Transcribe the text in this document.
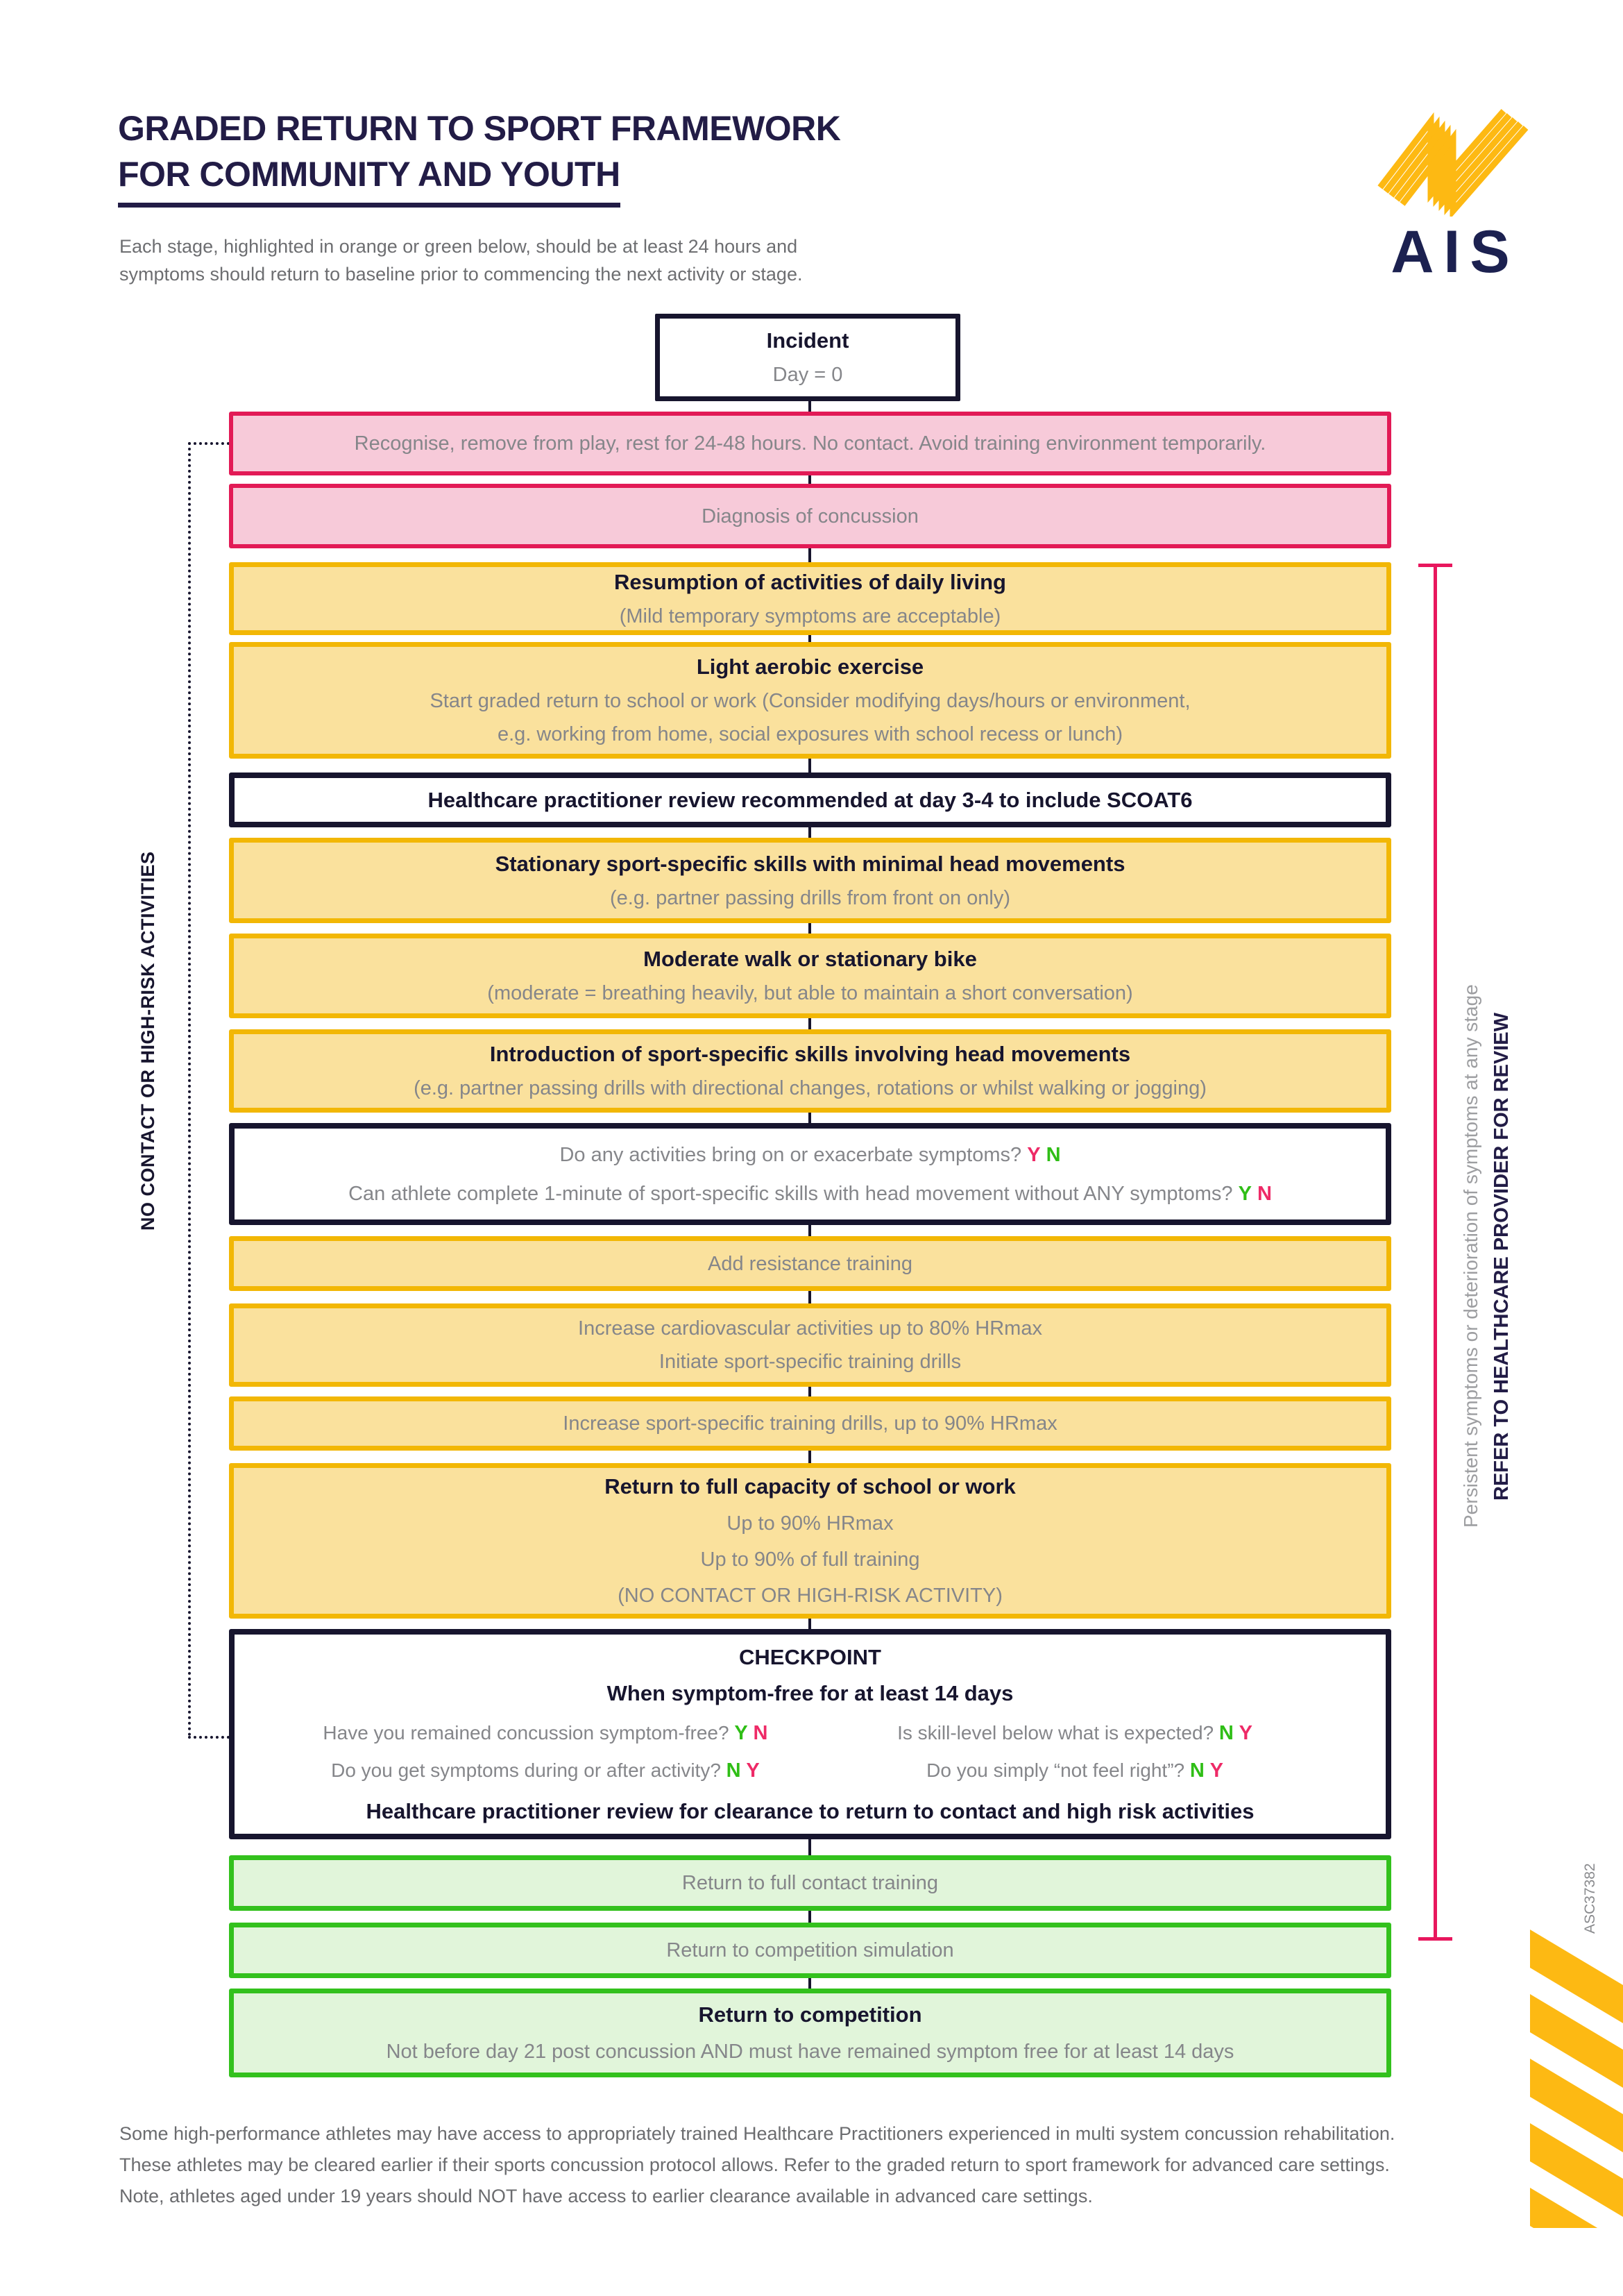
GRADED RETURN TO SPORT FRAMEWORK
FOR COMMUNITY AND YOUTH
Each stage, highlighted in orange or green below, should be at least 24 hours and
symptoms should return to baseline prior to commencing the next activity or stage.	AIS
Incident
Day = 0
Recognise, remove from play, rest for 24-48 hours. No contact. Avoid training environment temporarily.
Diagnosis of concussion
Resumption of activities of daily living
(Mild temporary symptoms are acceptable)
Light aerobic exercise
Start graded return to school or work (Consider modifying days/hours or environment,
e.g. working from home, social exposures with school recess or lunch)
Healthcare practitioner review recommended at day 3-4 to include SCOAT6
Stationary sport-specific skills with minimal head movements
(e.g. partner passing drills from front on only)
Moderate walk or stationary bike
(moderate = breathing heavily, but able to maintain a short conversation)
Introduction of sport-specific skills involving head movements
(e.g. partner passing drills with directional changes, rotations or whilst walking or jogging)
Do any activities bring on or exacerbate symptoms? Y N
Can athlete complete 1-minute of sport-specific skills with head movement without ANY symptoms? Y N
Add resistance training
Increase cardiovascular activities up to 80% HRmax
Initiate sport-specific training drills
Increase sport-specific training drills, up to 90% HRmax
Return to full capacity of school or work
Up to 90% HRmax
Up to 90% of full training
(NO CONTACT OR HIGH-RISK ACTIVITY)
CHECKPOINT
When symptom-free for at least 14 days
Have you remained concussion symptom-free? Y N	Is skill-level below what is expected? N Y
Do you get symptoms during or after activity? N Y	Do you simply “not feel right”? N Y
Healthcare practitioner review for clearance to return to contact and high risk activities
Return to full contact training
Return to competition simulation
Return to competition
Not before day 21 post concussion AND must have remained symptom free for at least 14 days
NO CONTACT OR HIGH-RISK ACTIVITIES	Persistent symptoms or deterioration of symptoms at any stage REFER TO HEALTHCARE PROVIDER FOR REVIEW
ASC37382
Some high-performance athletes may have access to appropriately trained Healthcare Practitioners experienced in multi system concussion rehabilitation.
These athletes may be cleared earlier if their sports concussion protocol allows. Refer to the graded return to sport framework for advanced care settings.
Note, athletes aged under 19 years should NOT have access to earlier clearance available in advanced care settings.
